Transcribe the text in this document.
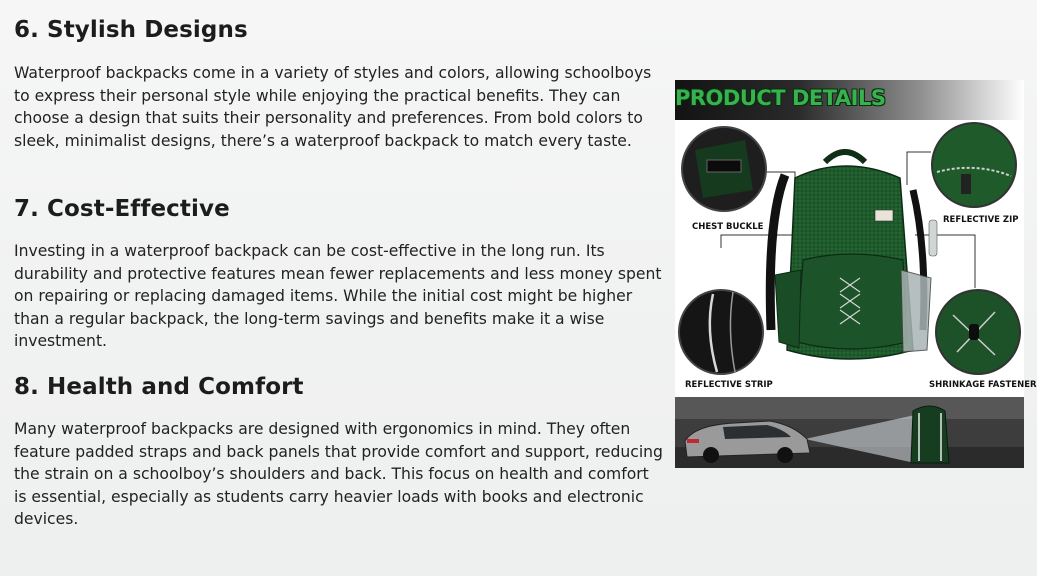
6. Stylish Designs

Waterproof backpacks come in a variety of styles and colors, allowing schoolboys to express their personal style while enjoying the practical benefits. They can choose a design that suits their personality and preferences. From bold colors to sleek, minimalist designs, there’s a waterproof backpack to match every taste.

7. Cost-Effective

Investing in a waterproof backpack can be cost-effective in the long run. Its durability and protective features mean fewer replacements and less money spent on repairing or replacing damaged items. While the initial cost might be higher than a regular backpack, the long-term savings and benefits make it a wise investment.

8. Health and Comfort

Many waterproof backpacks are designed with ergonomics in mind. They often feature padded straps and back panels that provide comfort and support, reducing the strain on a schoolboy’s shoulders and back. This focus on health and comfort is essential, especially as students carry heavier loads with books and electronic devices.

PRODUCT DETAILS
CHEST BUCKLE
REFLECTIVE ZIP
REFLECTIVE STRIP	SHRINKAGE FASTENER
